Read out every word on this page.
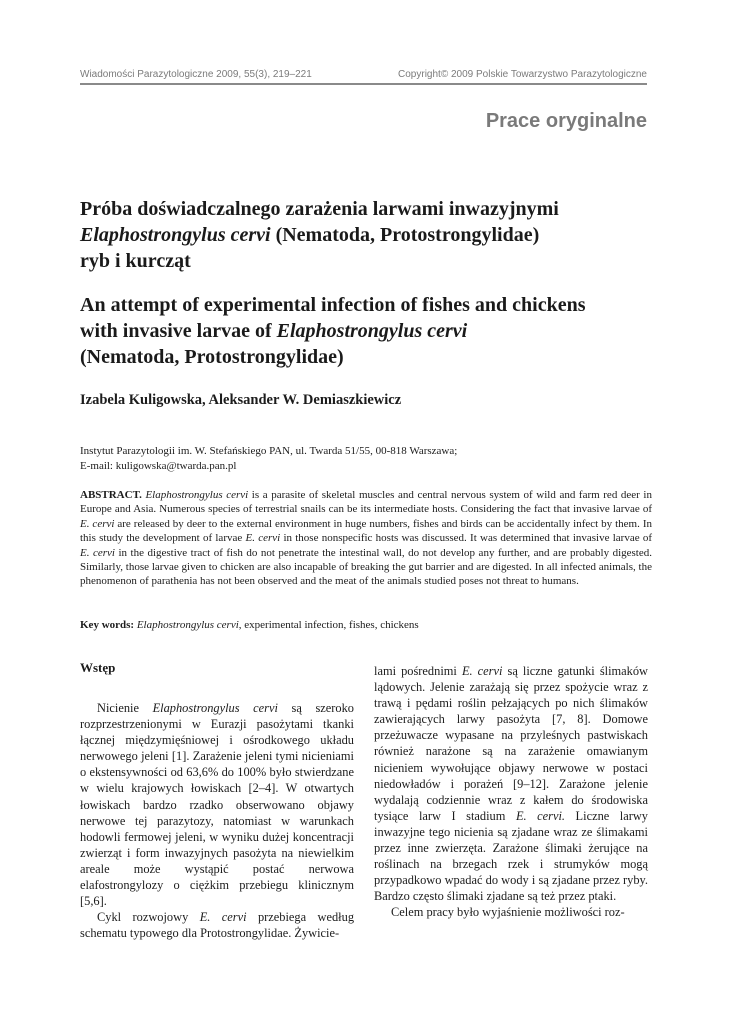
Wiadomości Parazytologiczne 2009, 55(3), 219–221	Copyright© 2009 Polskie Towarzystwo Parazytologiczne
Prace oryginalne
Próba doświadczalnego zarażenia larwami inwazyjnymi
Elaphostrongylus cervi (Nematoda, Protostrongylidae)
ryb i kurcząt
An attempt of experimental infection of fishes and chickens
with invasive larvae of Elaphostrongylus cervi
(Nematoda, Protostrongylidae)
Izabela Kuligowska, Aleksander W. Demiaszkiewicz
Instytut Parazytologii im. W. Stefańskiego PAN, ul. Twarda 51/55, 00-818 Warszawa;
E-mail: kuligowska@twarda.pan.pl

ABSTRACT. Elaphostrongylus cervi is a parasite of skeletal muscles and central nervous system of wild and farm red deer in Europe and Asia. Numerous species of terrestrial snails can be its intermediate hosts. Considering the fact that invasive larvae of E. cervi are released by deer to the external environment in huge numbers, fishes and birds can be accidentally infect by them. In this study the development of larvae E. cervi in those nonspecific hosts was discussed. It was determined that invasive larvae of E. cervi in the digestive tract of fish do not penetrate the intestinal wall, do not develop any further, and are probably digested. Similarly, those larvae given to chicken are also incapable of breaking the gut barrier and are digested. In all infected animals, the phenomenon of parathenia has not been observed and the meat of the animals studied poses not threat to humans.

Key words: Elaphostrongylus cervi, experimental infection, fishes, chickens
Wstęp

Nicienie Elaphostrongylus cervi są szeroko rozprzestrzenionymi w Eurazji pasożytami tkanki łącznej międzymięśniowej i ośrodkowego układu nerwowego jeleni [1]. Zarażenie jeleni tymi nicieniami o ekstensywności od 63,6% do 100% było stwierdzane w wielu krajowych łowiskach [2–4]. W otwartych łowiskach bardzo rzadko obserwowano objawy nerwowe tej parazytozy, natomiast w warunkach hodowli fermowej jeleni, w wyniku dużej koncentracji zwierząt i form inwazyjnych pasożyta na niewielkim areale może wystąpić postać nerwowa elafostrongylozy o ciężkim przebiegu klinicznym [5,6].

Cykl rozwojowy E. cervi przebiega według schematu typowego dla Protostrongylidae. Żywicie-

lami pośrednimi E. cervi są liczne gatunki ślimaków lądowych. Jelenie zarażają się przez spożycie wraz z trawą i pędami roślin pełzających po nich ślimaków zawierających larwy pasożyta [7, 8]. Domowe przeżuwacze wypasane na przyleśnych pastwiskach również narażone są na zarażenie omawianym nicieniem wywołujące objawy nerwowe w postaci niedowładów i porażeń [9–12]. Zarażone jelenie wydalają codziennie wraz z kałem do środowiska tysiące larw I stadium E. cervi. Liczne larwy inwazyjne tego nicienia są zjadane wraz ze ślimakami przez inne zwierzęta. Zarażone ślimaki żerujące na roślinach na brzegach rzek i strumyków mogą przypadkowo wpadać do wody i są zjadane przez ryby. Bardzo często ślimaki zjadane są też przez ptaki.

Celem pracy było wyjaśnienie możliwości roz-
